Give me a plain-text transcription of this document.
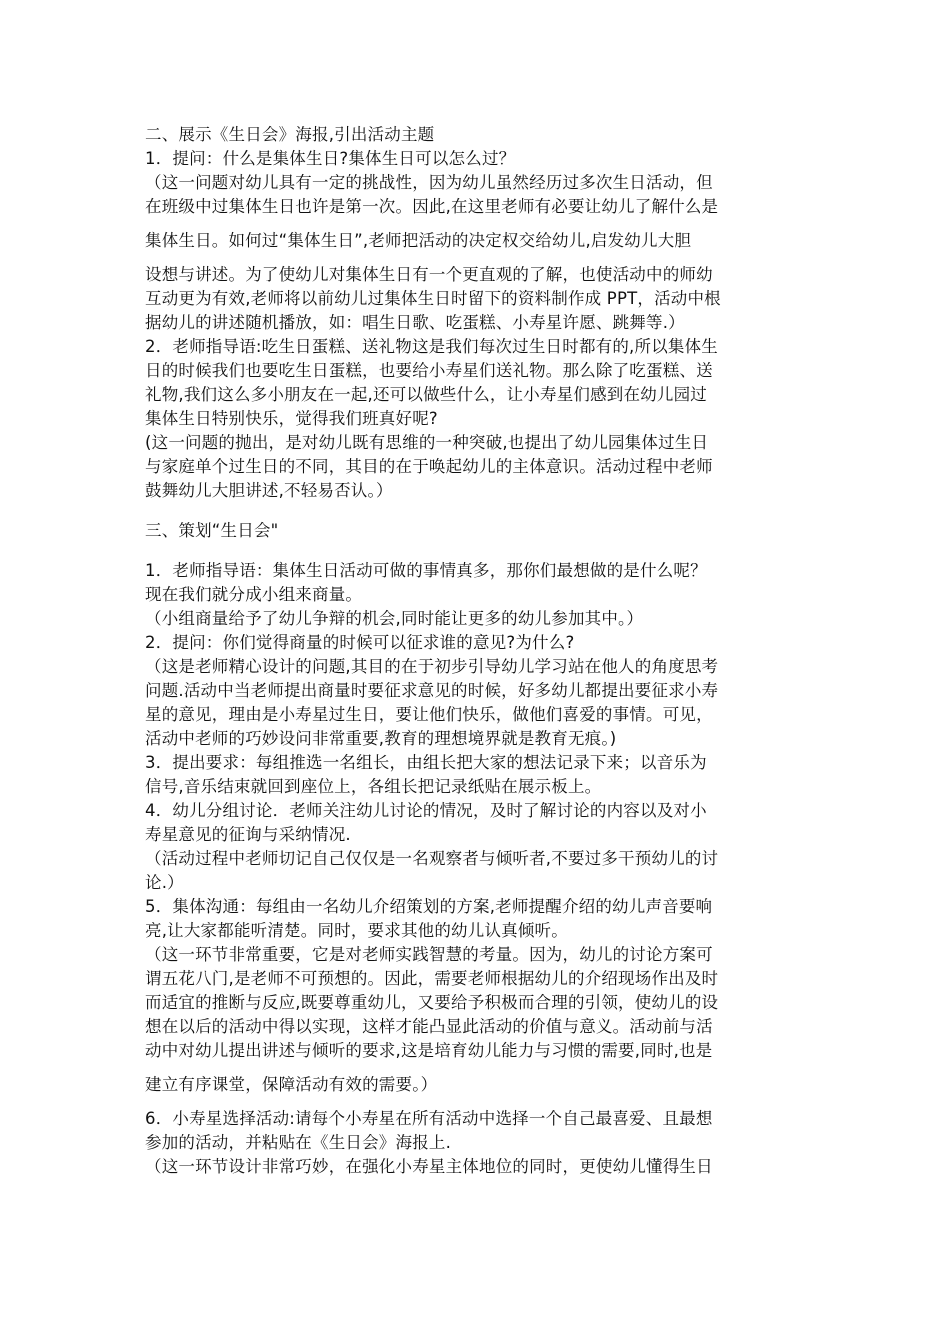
二、展示《生日会》海报,引出活动主题
1．提问：什么是集体生日?集体生日可以怎么过？
（这一问题对幼儿具有一定的挑战性，因为幼儿虽然经历过多次生日活动，但
在班级中过集体生日也许是第一次。因此,在这里老师有必要让幼儿了解什么是
集体生日。如何过“集体生日”,老师把活动的决定权交给幼儿,启发幼儿大胆
设想与讲述。为了使幼儿对集体生日有一个更直观的了解，也使活动中的师幼
互动更为有效,老师将以前幼儿过集体生日时留下的资料制作成 PPT，活动中根
据幼儿的讲述随机播放，如：唱生日歌、吃蛋糕、小寿星许愿、跳舞等.）
2．老师指导语:吃生日蛋糕、送礼物这是我们每次过生日时都有的,所以集体生
日的时候我们也要吃生日蛋糕，也要给小寿星们送礼物。那么除了吃蛋糕、送
礼物,我们这么多小朋友在一起,还可以做些什么，让小寿星们感到在幼儿园过
集体生日特别快乐，觉得我们班真好呢?
(这一问题的抛出，是对幼儿既有思维的一种突破,也提出了幼儿园集体过生日
与家庭单个过生日的不同，其目的在于唤起幼儿的主体意识。活动过程中老师
鼓舞幼儿大胆讲述,不轻易否认。）
三、策划“生日会"
1．老师指导语：集体生日活动可做的事情真多，那你们最想做的是什么呢？
现在我们就分成小组来商量。
（小组商量给予了幼儿争辩的机会,同时能让更多的幼儿参加其中。）
2．提问：你们觉得商量的时候可以征求谁的意见?为什么?
（这是老师精心设计的问题,其目的在于初步引导幼儿学习站在他人的角度思考
问题.活动中当老师提出商量时要征求意见的时候，好多幼儿都提出要征求小寿
星的意见，理由是小寿星过生日，要让他们快乐，做他们喜爱的事情。可见，
活动中老师的巧妙设问非常重要,教育的理想境界就是教育无痕。)
3．提出要求：每组推选一名组长，由组长把大家的想法记录下来；以音乐为
信号,音乐结束就回到座位上，各组长把记录纸贴在展示板上。
4．幼儿分组讨论．老师关注幼儿讨论的情况，及时了解讨论的内容以及对小
寿星意见的征询与采纳情况.
（活动过程中老师切记自己仅仅是一名观察者与倾听者,不要过多干预幼儿的讨
论.）
5．集体沟通：每组由一名幼儿介绍策划的方案,老师提醒介绍的幼儿声音要响
亮,让大家都能听清楚。同时，要求其他的幼儿认真倾听。
（这一环节非常重要，它是对老师实践智慧的考量。因为，幼儿的讨论方案可
谓五花八门,是老师不可预想的。因此，需要老师根据幼儿的介绍现场作出及时
而适宜的推断与反应,既要尊重幼儿，又要给予积极而合理的引领，使幼儿的设
想在以后的活动中得以实现，这样才能凸显此活动的价值与意义。活动前与活
动中对幼儿提出讲述与倾听的要求,这是培育幼儿能力与习惯的需要,同时,也是
建立有序课堂，保障活动有效的需要。）
6．小寿星选择活动:请每个小寿星在所有活动中选择一个自己最喜爱、且最想
参加的活动，并粘贴在《生日会》海报上.
（这一环节设计非常巧妙，在强化小寿星主体地位的同时，更使幼儿懂得生日
